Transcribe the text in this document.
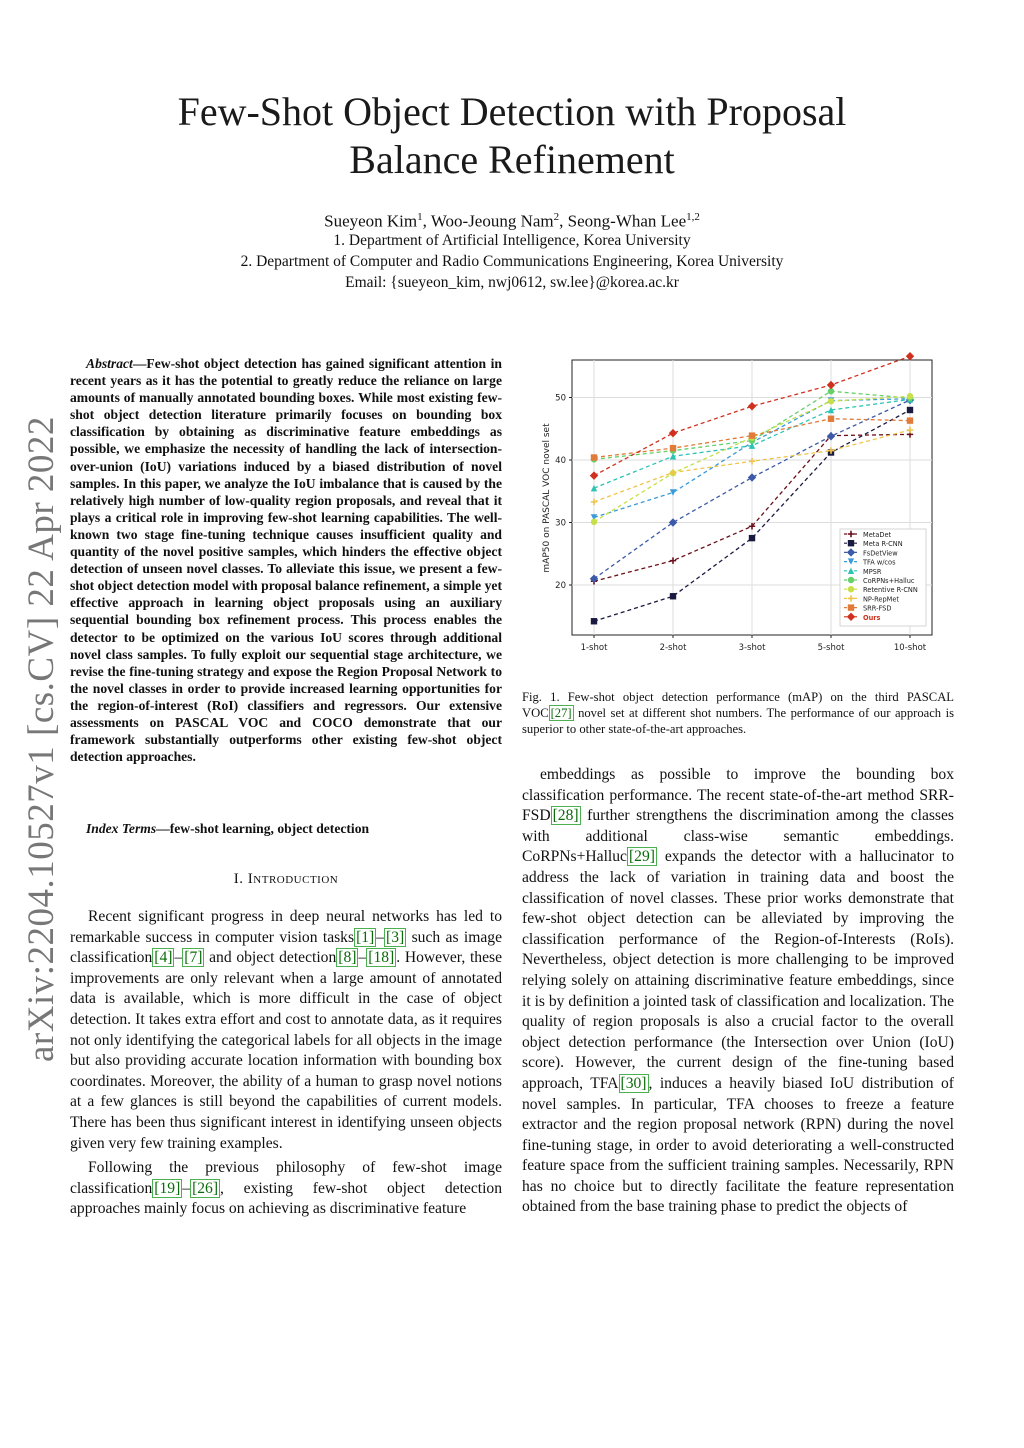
Few-Shot Object Detection with Proposal
Balance Refinement
Sueyeon Kim$^1$, Woo-Jeoung Nam$^2$, Seong-Whan Lee$^{1,2}$
1. Department of Artificial Intelligence, Korea University
2. Department of Computer and Radio Communications Engineering, Korea University
Email: {sueyeon_kim, nwj0612, sw.lee}@korea.ac.kr
arXiv:2204.10527v1 [cs.CV] 22 Apr 2022
Abstract—Few-shot object detection has gained significant attention in recent years as it has the potential to greatly reduce the reliance on large amounts of manually annotated bounding boxes. While most existing few-shot object detection literature primarily focuses on bounding box classification by obtaining as discriminative feature embeddings as possible, we emphasize the necessity of handling the lack of intersection-over-union (IoU) variations induced by a biased distribution of novel samples. In this paper, we analyze the IoU imbalance that is caused by the relatively high number of low-quality region proposals, and reveal that it plays a critical role in improving few-shot learning capabilities. The well-known two stage fine-tuning technique causes insufficient quality and quantity of the novel positive samples, which hinders the effective object detection of unseen novel classes. To alleviate this issue, we present a few-shot object detection model with proposal balance refinement, a simple yet effective approach in learning object proposals using an auxiliary sequential bounding box refinement process. This process enables the detector to be optimized on the various IoU scores through additional novel class samples. To fully exploit our sequential stage architecture, we revise the fine-tuning strategy and expose the Region Proposal Network to the novel classes in order to provide increased learning opportunities for the region-of-interest (RoI) classifiers and regressors. Our extensive assessments on PASCAL VOC and COCO demonstrate that our framework substantially outperforms other existing few-shot object detection approaches.
Index Terms—few-shot learning, object detection
I. Introduction

Recent significant progress in deep neural networks has led to remarkable success in computer vision tasks [1] – [3] such as image classification [4] – [7] and object detection [8] – [18] . However, these improvements are only relevant when a large amount of annotated data is available, which is more difficult in the case of object detection. It takes extra effort and cost to annotate data, as it requires not only identifying the categorical labels for all objects in the image but also providing accurate location information with bounding box coordinates. Moreover, the ability of a human to grasp novel notions at a few glances is still beyond the capabilities of current models. There has been thus significant interest in identifying unseen objects given very few training examples.

Following the previous philosophy of few-shot image classification [19] – [26] , existing few-shot object detection approaches mainly focus on achieving as discriminative feature

20
30
40
50
1-shot	2-shot	3-shot	5-shot	10-shot
mAP50 on PASCAL VOC novel set	MetaDet
Meta R-CNN
FsDetView
TFA w/cos
MPSR
CoRPNs+Halluc
Retentive R-CNN
NP-RepMet
SRR-FSD
Ours
Fig. 1. Few-shot object detection performance (mAP) on the third PASCAL VOC [27] novel set at different shot numbers. The performance of our approach is superior to other state-of-the-art approaches.

embeddings as possible to improve the bounding box classification performance. The recent state-of-the-art method SRR-FSD [28] further strengthens the discrimination among the classes with additional class-wise semantic embeddings. CoRPNs+Halluc [29] expands the detector with a hallucinator to address the lack of variation in training data and boost the classification of novel classes. These prior works demonstrate that few-shot object detection can be alleviated by improving the classification performance of the Region-of-Interests (RoIs). Nevertheless, object detection is more challenging to be improved relying solely on attaining discriminative feature embeddings, since it is by definition a jointed task of classification and localization. The quality of region proposals is also a crucial factor to the overall object detection performance (the Intersection over Union (IoU) score). However, the current design of the fine-tuning based approach, TFA [30] , induces a heavily biased IoU distribution of novel samples. In particular, TFA chooses to freeze a feature extractor and the region proposal network (RPN) during the novel fine-tuning stage, in order to avoid deteriorating a well-constructed feature space from the sufficient training samples. Necessarily, RPN has no choice but to directly facilitate the feature representation obtained from the base training phase to predict the objects of
